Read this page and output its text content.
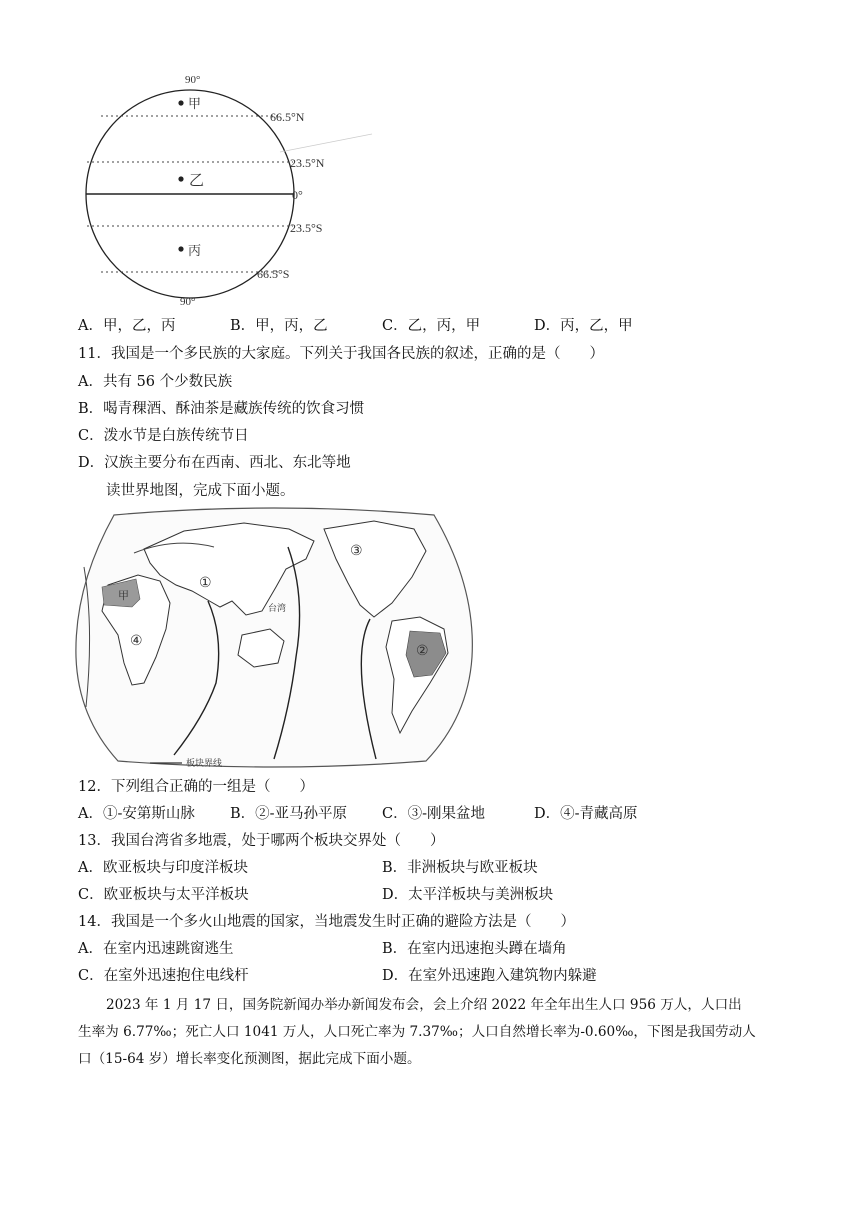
90°
甲
乙
丙
66.5°N
23.5°N
0°
23.5°S
66.5°S
90°
A．甲，乙，丙	B．甲，丙，乙	C．乙，丙，甲	D．丙，乙，甲
11．我国是一个多民族的大家庭。下列关于我国各民族的叙述，正确的是（　　）
A．共有 56 个少数民族
B．喝青稞酒、酥油茶是藏族传统的饮食习惯
C．泼水节是白族传统节日
D．汉族主要分布在西南、西北、东北等地
读世界地图，完成下面小题。
①
②
③
④
甲
台湾
板块界线
12．下列组合正确的一组是（　　）
A．①-安第斯山脉 B．②-亚马孙平原 C．③-刚果盆地	D．④-青藏高原
13．我国台湾省多地震，处于哪两个板块交界处（　　）
A．欧亚板块与印度洋板块	B．非洲板块与欧亚板块
C．欧亚板块与太平洋板块	D．太平洋板块与美洲板块
14．我国是一个多火山地震的国家，当地震发生时正确的避险方法是（　　）
A．在室内迅速跳窗逃生	B．在室内迅速抱头蹲在墙角
C．在室外迅速抱住电线杆	D．在室外迅速跑入建筑物内躲避
2023 年 1 月 17 日，国务院新闻办举办新闻发布会，会上介绍 2022 年全年出生人口 956 万人，人口出
生率为 6.77‰；死亡人口 1041 万人，人口死亡率为 7.37‰；人口自然增长率为-0.60‰，下图是我国劳动人
口（15-64 岁）增长率变化预测图，据此完成下面小题。
